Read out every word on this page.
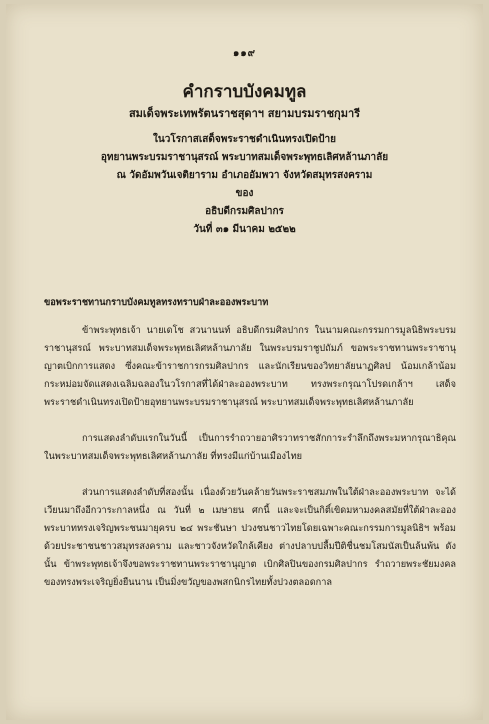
๑๑๙
คำกราบบังคมทูล
สมเด็จพระเทพรัตนราชสุดาฯ สยามบรมราชกุมารี
ในวโรกาสเสด็จพระราชดำเนินทรงเปิดป้าย
อุทยานพระบรมราชานุสรณ์ พระบาทสมเด็จพระพุทธเลิศหล้านภาลัย
ณ วัดอัมพวันเจติยาราม อำเภออัมพวา จังหวัดสมุทรสงคราม
ของ
อธิบดีกรมศิลปากร
วันที่ ๓๑ มีนาคม ๒๕๒๒
ขอพระราชทานกราบบังคมทูลทรงทราบฝ่าละอองพระบาท

ข้าพระพุทธเจ้า นายเดโช สวนานนท์ อธิบดีกรมศิลปากร ในนามคณะกรรมการมูลนิธิพระบรมราชานุสรณ์ พระบาทสมเด็จพระพุทธเลิศหล้านภาลัย ในพระบรมราชูปถัมภ์ ขอพระราชทานพระราชานุญาตเบิกการแสดง ซึ่งคณะข้าราชการกรมศิลปากร และนักเรียนของวิทยาลัยนาฏศิลป น้อมเกล้าน้อมกระหม่อมจัดแสดงเฉลิมฉลองในวโรกาสที่ได้ฝ่าละอองพระบาท ทรงพระกรุณาโปรดเกล้าฯ เสด็จพระราชดำเนินทรงเปิดป้ายอุทยานพระบรมราชานุสรณ์ พระบาทสมเด็จพระพุทธเลิศหล้านภาลัย

การแสดงลำดับแรกในวันนี้ เป็นการรำถวายอาศิรวาทราชสักการะรำลึกถึงพระมหากรุณาธิคุณในพระบาทสมเด็จพระพุทธเลิศหล้านภาลัย ที่ทรงมีแก่บ้านเมืองไทย

ส่วนการแสดงลำดับที่สองนั้น เนื่องด้วยวันคล้ายวันพระราชสมภพในใต้ฝ่าละอองพระบาท จะได้เวียนมาถึงอีกวาระกาลหนึ่ง ณ วันที่ ๒ เมษายน ศกนี้ และจะเป็นกิติ์เขิดมหามงคลสมัยที่ใต้ฝ่าละอองพระบาททรงเจริญพระชนมายุครบ ๒๔ พระชันษา ปวงชนชาวไทยโดยเฉพาะคณะกรรมการมูลนิธิฯ พร้อมด้วยประชาชนชาวสมุทรสงคราม และชาวจังหวัดใกล้เคียง ต่างปลาบปลื้มปีติชื่นชมโสมนัสเป็นล้นพ้น ดังนั้น ข้าพระพุทธเจ้าจึงขอพระราชทานพระราชานุญาต เบิกศิลปินของกรมศิลปากร รำถวายพระชัยมงคล ของทรงพระเจริญยิ่งยืนนาน เป็นมิ่งขวัญของพสกนิกรไทยทั้งปวงตลอดกาล
